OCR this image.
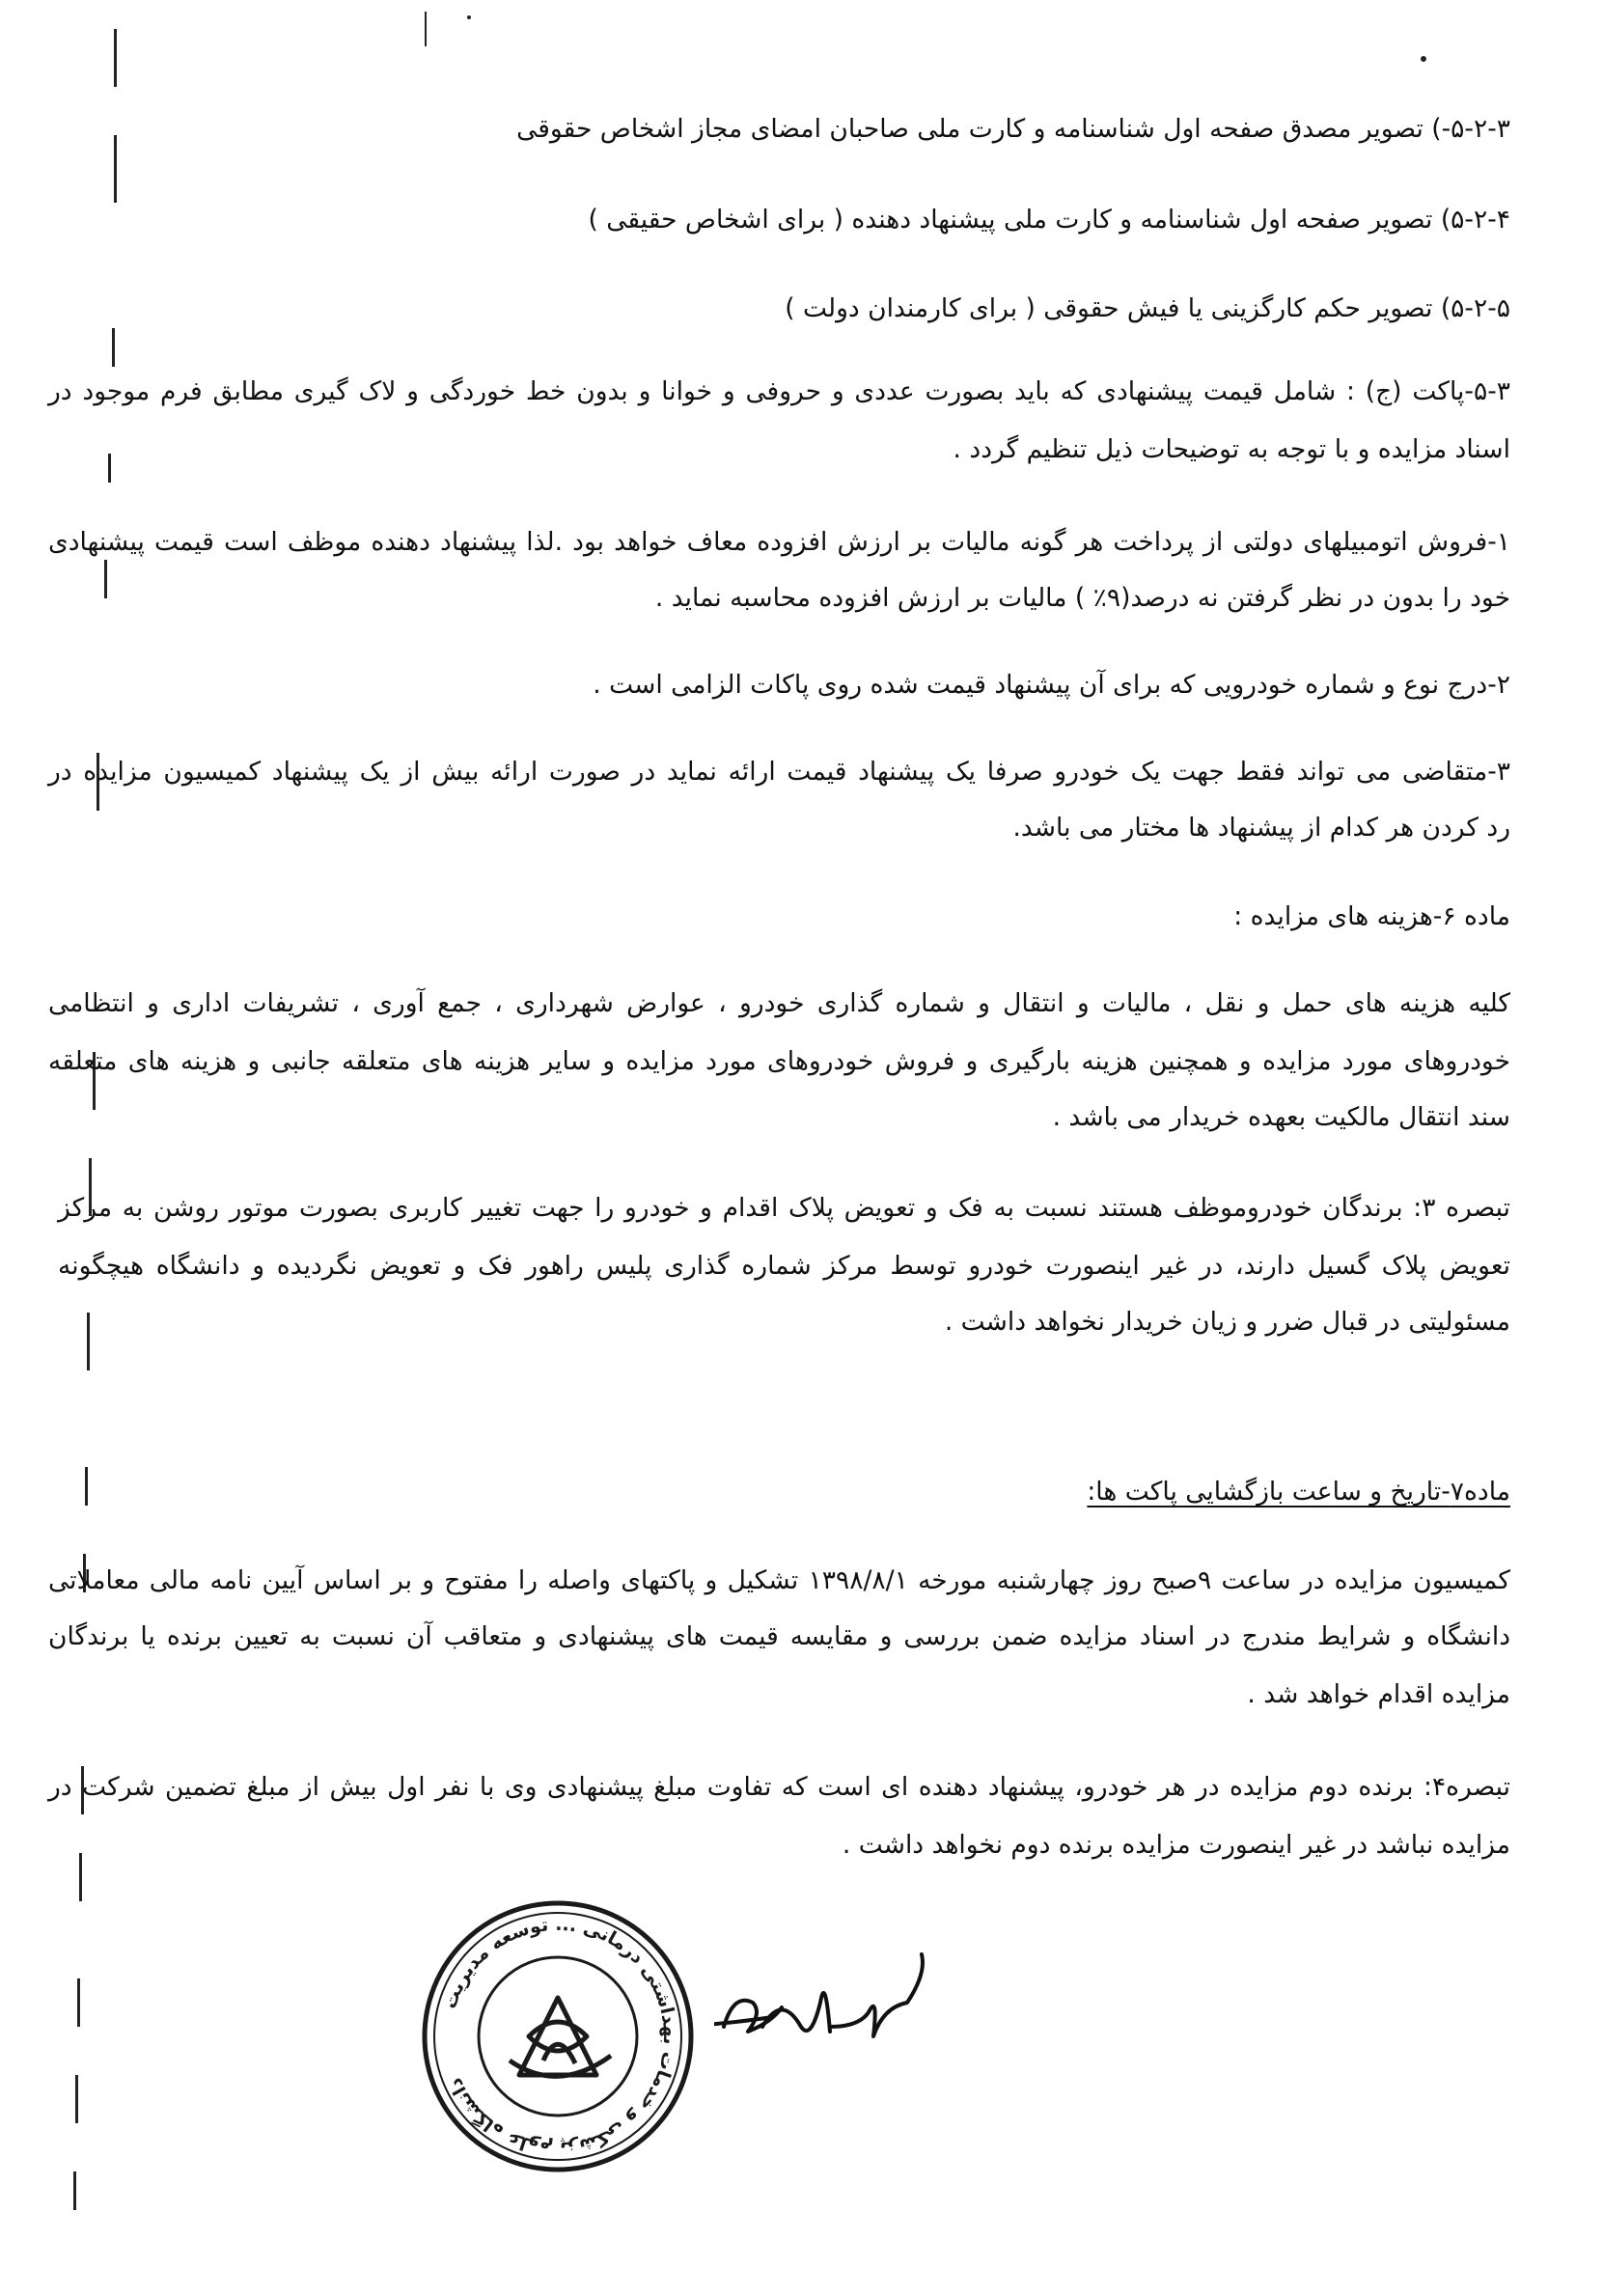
۵-۲-۳-) تصویر مصدق صفحه اول شناسنامه و کارت ملی صاحبان امضای مجاز اشخاص حقوقی
۵-۲-۴) تصویر صفحه اول شناسنامه و کارت ملی پیشنهاد دهنده ( برای اشخاص حقیقی )
۵-۲-۵) تصویر حکم کارگزینی یا فیش حقوقی ( برای کارمندان دولت )
۵-۳-پاکت (ج) : شامل قیمت پیشنهادی که باید بصورت عددی و حروفی و خوانا و بدون خط خوردگی و لاک گیری مطابق فرم موجود در
اسناد مزایده و با توجه به توضیحات ذیل تنظیم گردد .
۱-فروش اتومبیلهای دولتی از پرداخت هر گونه مالیات بر ارزش افزوده معاف خواهد بود .لذا پیشنهاد دهنده موظف است قیمت پیشنهادی
خود را بدون در نظر گرفتن نه درصد(۹٪ ) مالیات بر ارزش افزوده محاسبه نماید .
۲-درج نوع و شماره خودرویی که برای آن پیشنهاد قیمت شده روی پاکات الزامی است .
۳-متقاضی می تواند فقط جهت یک خودرو صرفا یک پیشنهاد قیمت ارائه نماید در صورت ارائه بیش از یک پیشنهاد کمیسیون مزایده در
رد کردن هر کدام از پیشنهاد ها مختار می باشد.
ماده ۶-هزینه های مزایده :
کلیه هزینه های حمل و نقل ، مالیات و انتقال و شماره گذاری خودرو ، عوارض شهرداری ، جمع آوری ، تشریفات اداری و انتظامی
خودروهای مورد مزایده و همچنین هزینه بارگیری و فروش خودروهای مورد مزایده و سایر هزینه های متعلقه جانبی و هزینه های متعلقه
سند انتقال مالکیت بعهده خریدار می باشد .
تبصره ۳: برندگان خودروموظف هستند نسبت به فک و تعویض پلاک اقدام و خودرو را جهت تغییر کاربری بصورت موتور روشن به مرکز
تعویض پلاک گسیل دارند، در غیر اینصورت خودرو توسط مرکز شماره گذاری پلیس راهور فک و تعویض نگردیده و دانشگاه هیچگونه
مسئولیتی در قبال ضرر و زیان خریدار نخواهد داشت .
ماده۷-تاریخ و ساعت بازگشایی پاکت ها:
کمیسیون مزایده در ساعت ۹صبح روز چهارشنبه مورخه ۱۳۹۸/۸/۱ تشکیل و پاکتهای واصله را مفتوح و بر اساس آیین نامه مالی معاملاتی
دانشگاه و شرایط مندرج در اسناد مزایده ضمن بررسی و مقایسه قیمت های پیشنهادی و متعاقب آن نسبت به تعیین برنده یا برندگان
مزایده اقدام خواهد شد .
تبصره۴: برنده دوم مزایده در هر خودرو، پیشنهاد دهنده ای است که تفاوت مبلغ پیشنهادی وی با نفر اول بیش از مبلغ تضمین شرکت در
مزایده نباشد در غیر اینصورت مزایده برنده دوم نخواهد داشت .
دانشگاه علوم پزشکی و خدمات بهداشتی درمانی ... توسعه مدیریت
